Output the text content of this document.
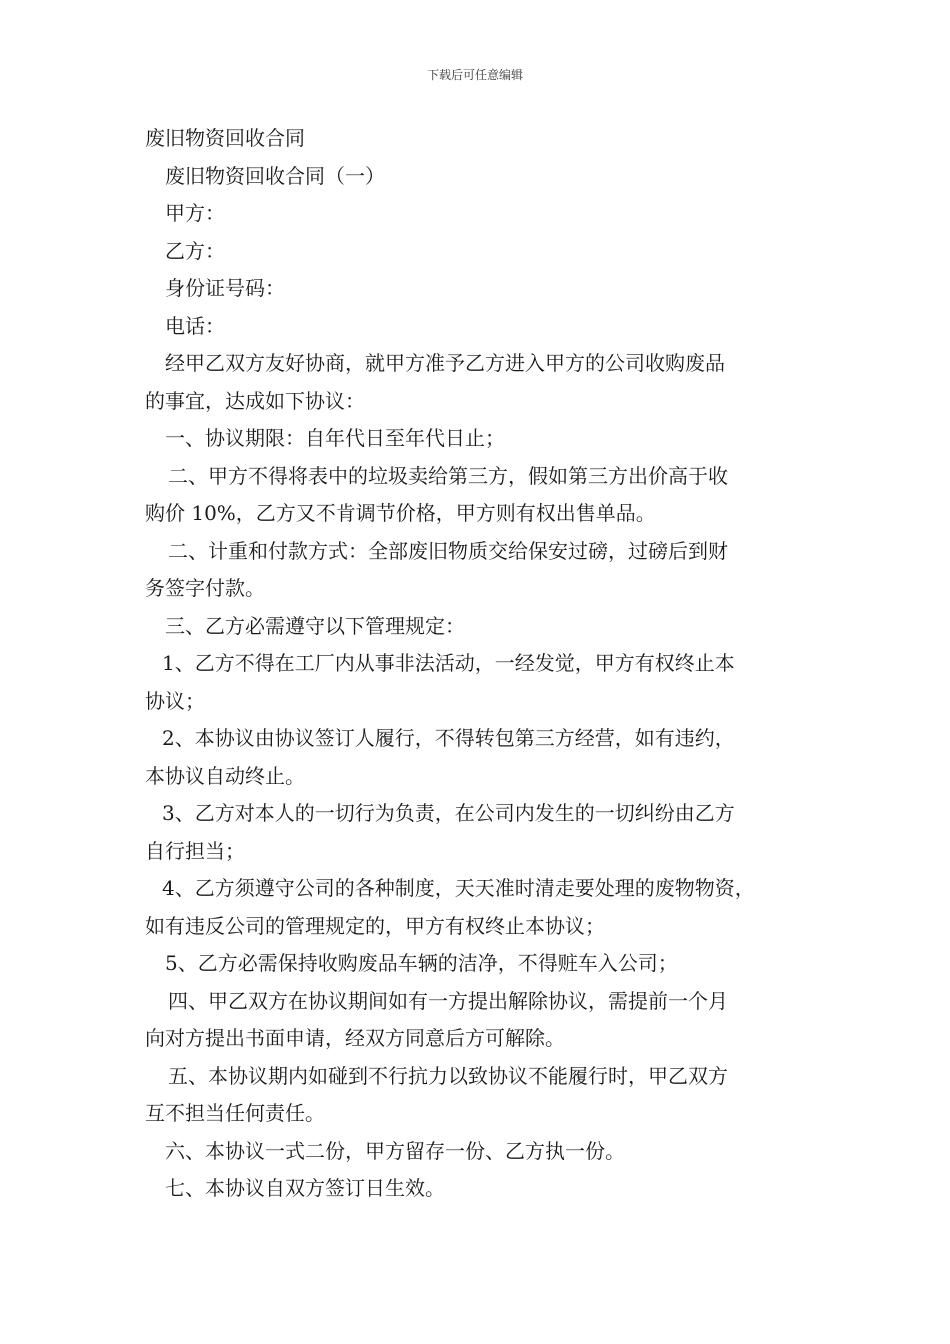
下载后可任意编辑
废旧物资回收合同
废旧物资回收合同（一）
甲方：
乙方：
身份证号码：
电话：
经甲乙双方友好协商，就甲方准予乙方进入甲方的公司收购废品
的事宜，达成如下协议：
一、协议期限：自年代日至年代日止；
二、甲方不得将表中的垃圾卖给第三方，假如第三方出价高于收
购价 10%，乙方又不肯调节价格，甲方则有权出售单品。
二、计重和付款方式：全部废旧物质交给保安过磅，过磅后到财
务签字付款。
三、乙方必需遵守以下管理规定：
1、乙方不得在工厂内从事非法活动，一经发觉，甲方有权终止本
协议；
2、本协议由协议签订人履行，不得转包第三方经营，如有违约，
本协议自动终止。
3、乙方对本人的一切行为负责，在公司内发生的一切纠纷由乙方
自行担当；
4、乙方须遵守公司的各种制度，天天准时清走要处理的废物物资，
如有违反公司的管理规定的，甲方有权终止本协议；
5、乙方必需保持收购废品车辆的洁净，不得赃车入公司；
四、甲乙双方在协议期间如有一方提出解除协议，需提前一个月
向对方提出书面申请，经双方同意后方可解除。
五、本协议期内如碰到不行抗力以致协议不能履行时，甲乙双方
互不担当任何责任。
六、本协议一式二份，甲方留存一份、乙方执一份。
七、本协议自双方签订日生效。
